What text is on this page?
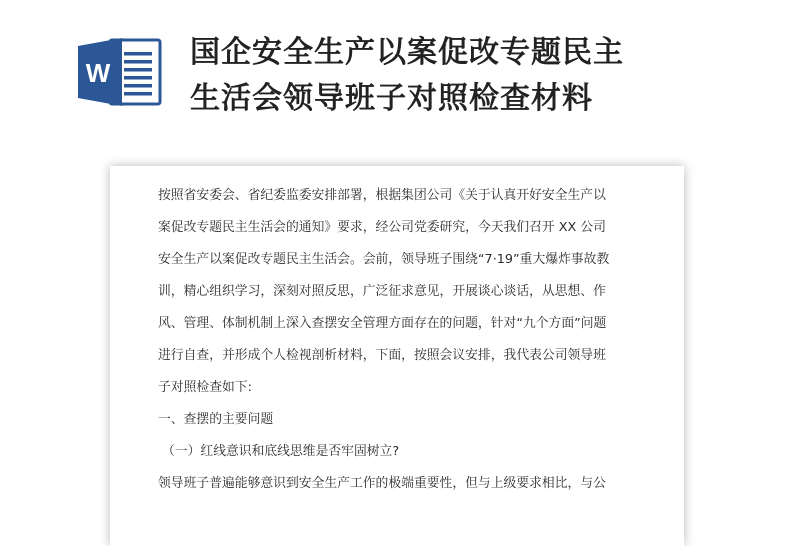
W
国企安全生产以案促改专题民主
生活会领导班子对照检查材料
按照省安委会、省纪委监委安排部署，根据集团公司《关于认真开好安全生产以
案促改专题民主生活会的通知》要求，经公司党委研究，今天我们召开 XX 公司
安全生产以案促改专题民主生活会。会前，领导班子围绕“7·19”重大爆炸事故教
训，精心组织学习，深刻对照反思，广泛征求意见，开展谈心谈话，从思想、作
风、管理、体制机制上深入查摆安全管理方面存在的问题，针对“九个方面”问题
进行自查，并形成个人检视剖析材料，下面，按照会议安排，我代表公司领导班
子对照检查如下:
一、查摆的主要问题
（一）红线意识和底线思维是否牢固树立?
领导班子普遍能够意识到安全生产工作的极端重要性，但与上级要求相比，与公
